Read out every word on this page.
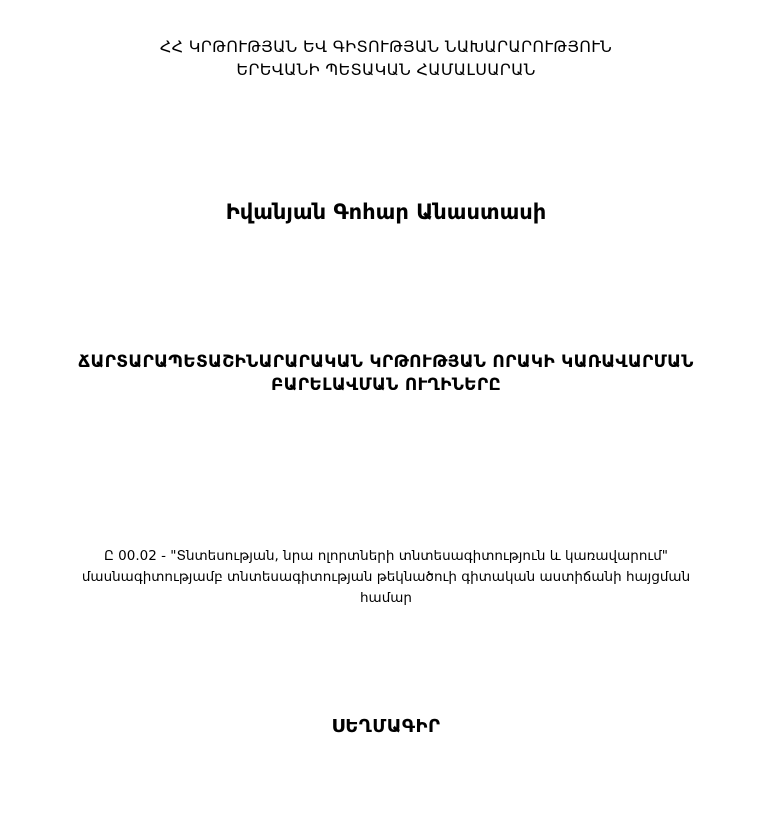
ՀՀ ԿՐԹՈՒԹՅԱՆ ԵՎ ԳԻՏՈՒԹՅԱՆ ՆԱԽԱՐԱՐՈՒԹՅՈՒՆ
ԵՐԵՎԱՆԻ ՊԵՏԱԿԱՆ ՀԱՄԱԼՍԱՐԱՆ
Իվանյան Գոհար Անաստասի
ՃԱՐՏԱՐԱՊԵՏԱՇԻՆԱՐԱՐԱԿԱՆ ԿՐԹՈՒԹՅԱՆ ՈՐԱԿԻ ԿԱՌԱՎԱՐՄԱՆ
ԲԱՐԵԼԱՎՄԱՆ ՈՒՂԻՆԵՐԸ
Ը 00.02 - "Տնտեսության, նրա ոլորտների տնտեսագիտություն և կառավարում"
մասնագիտությամբ տնտեսագիտության թեկնածուի գիտական աստիճանի հայցման
համար
ՍԵՂՄԱԳԻՐ
